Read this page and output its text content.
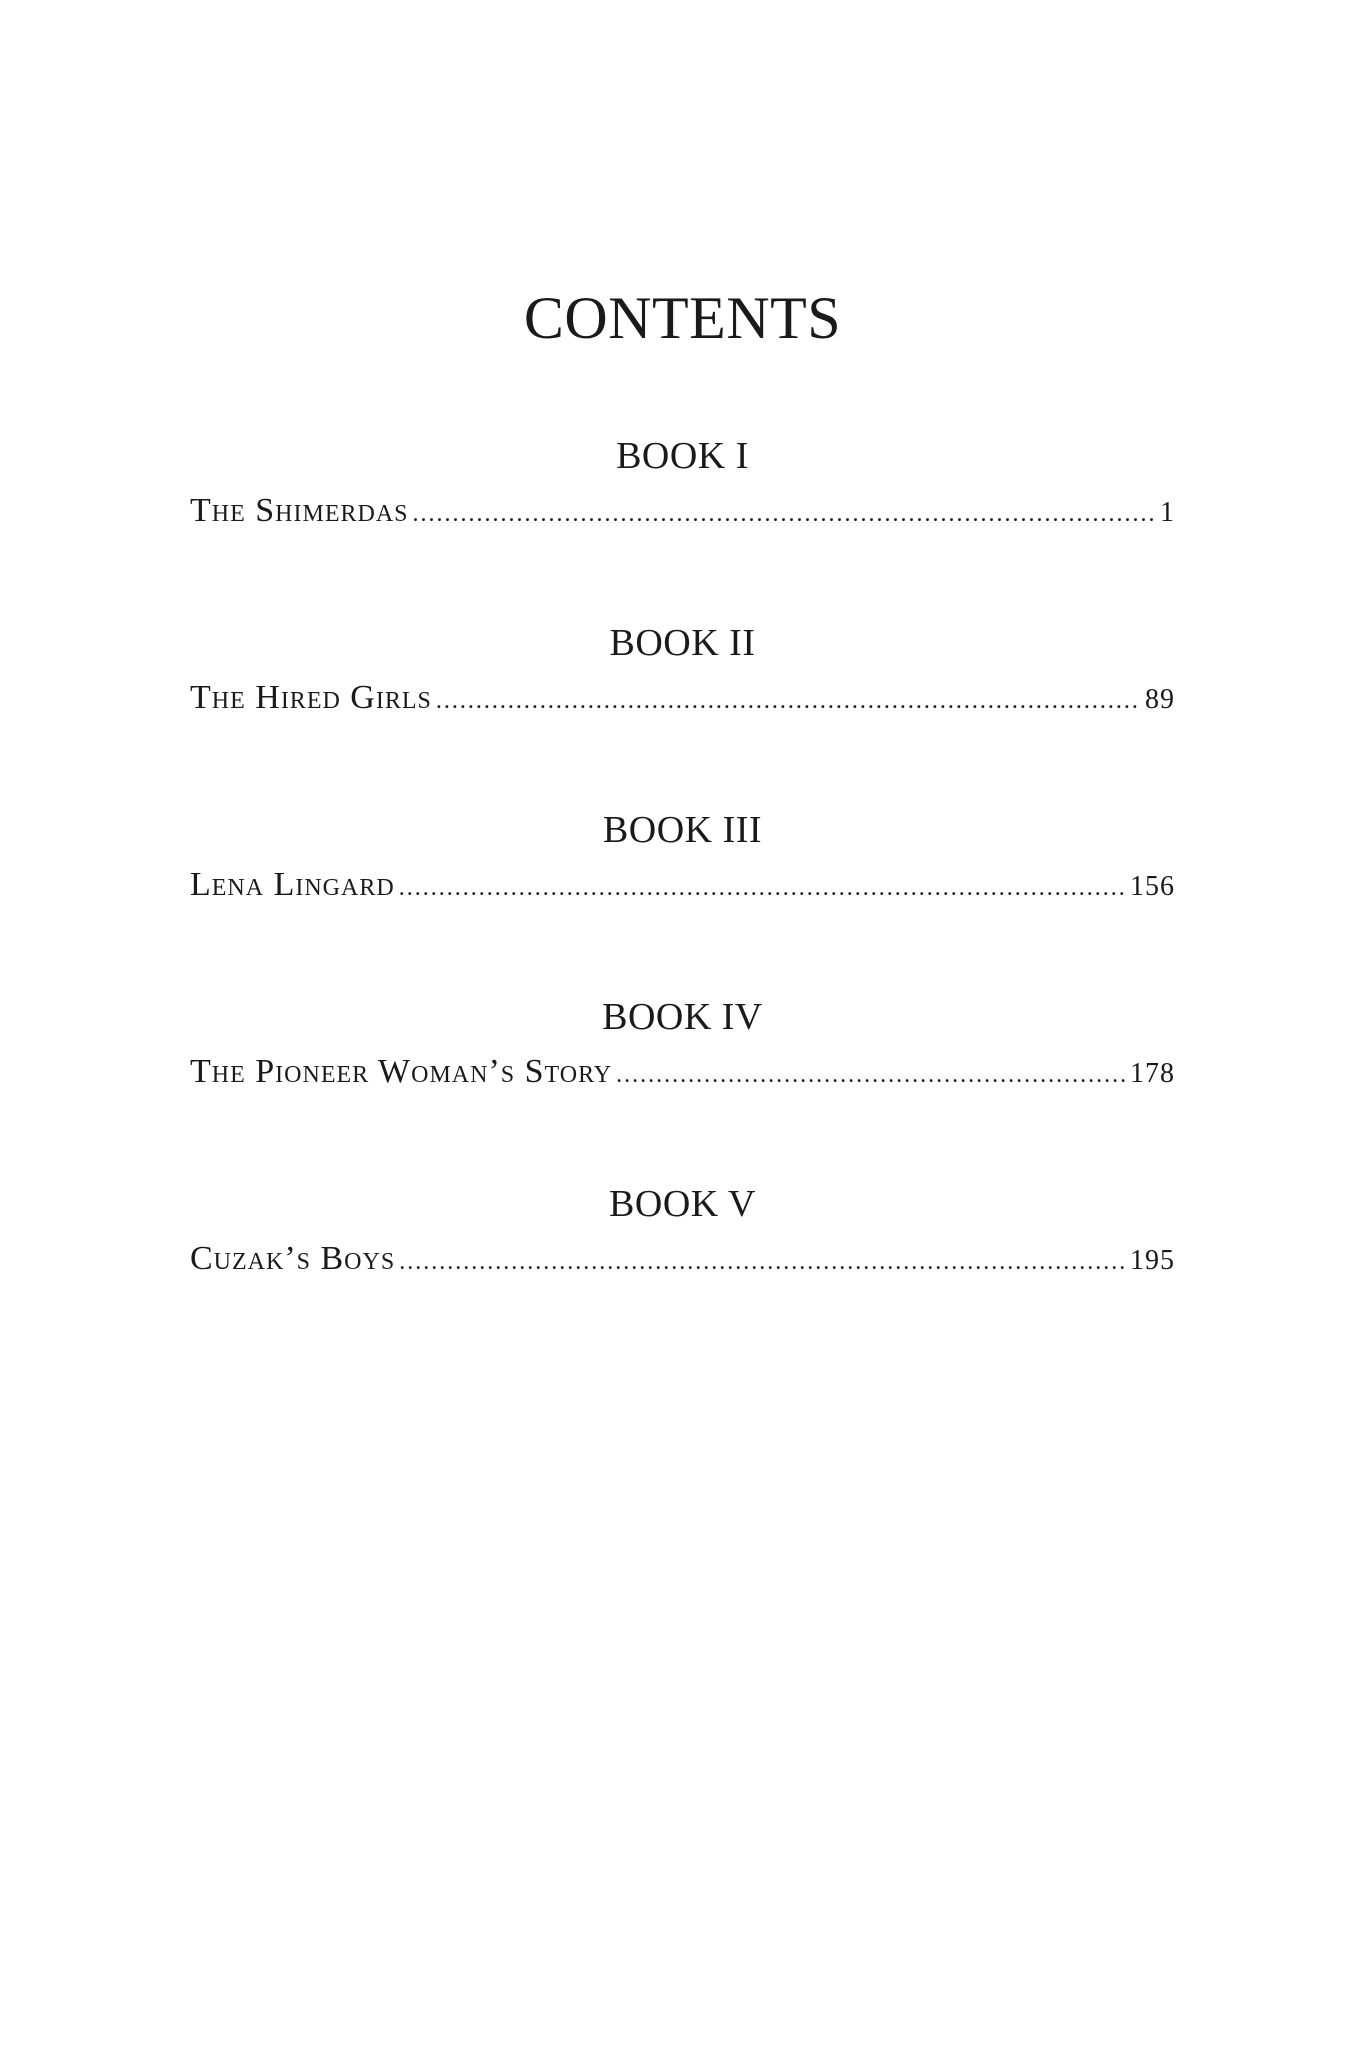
CONTENTS
BOOK I
The Shimerdas .....	1
BOOK II
The Hired Girls .....	89
BOOK III
Lena Lingard .....	156
BOOK IV
The Pioneer Woman’s Story .....	178
BOOK V
Cuzak’s Boys .....	195
